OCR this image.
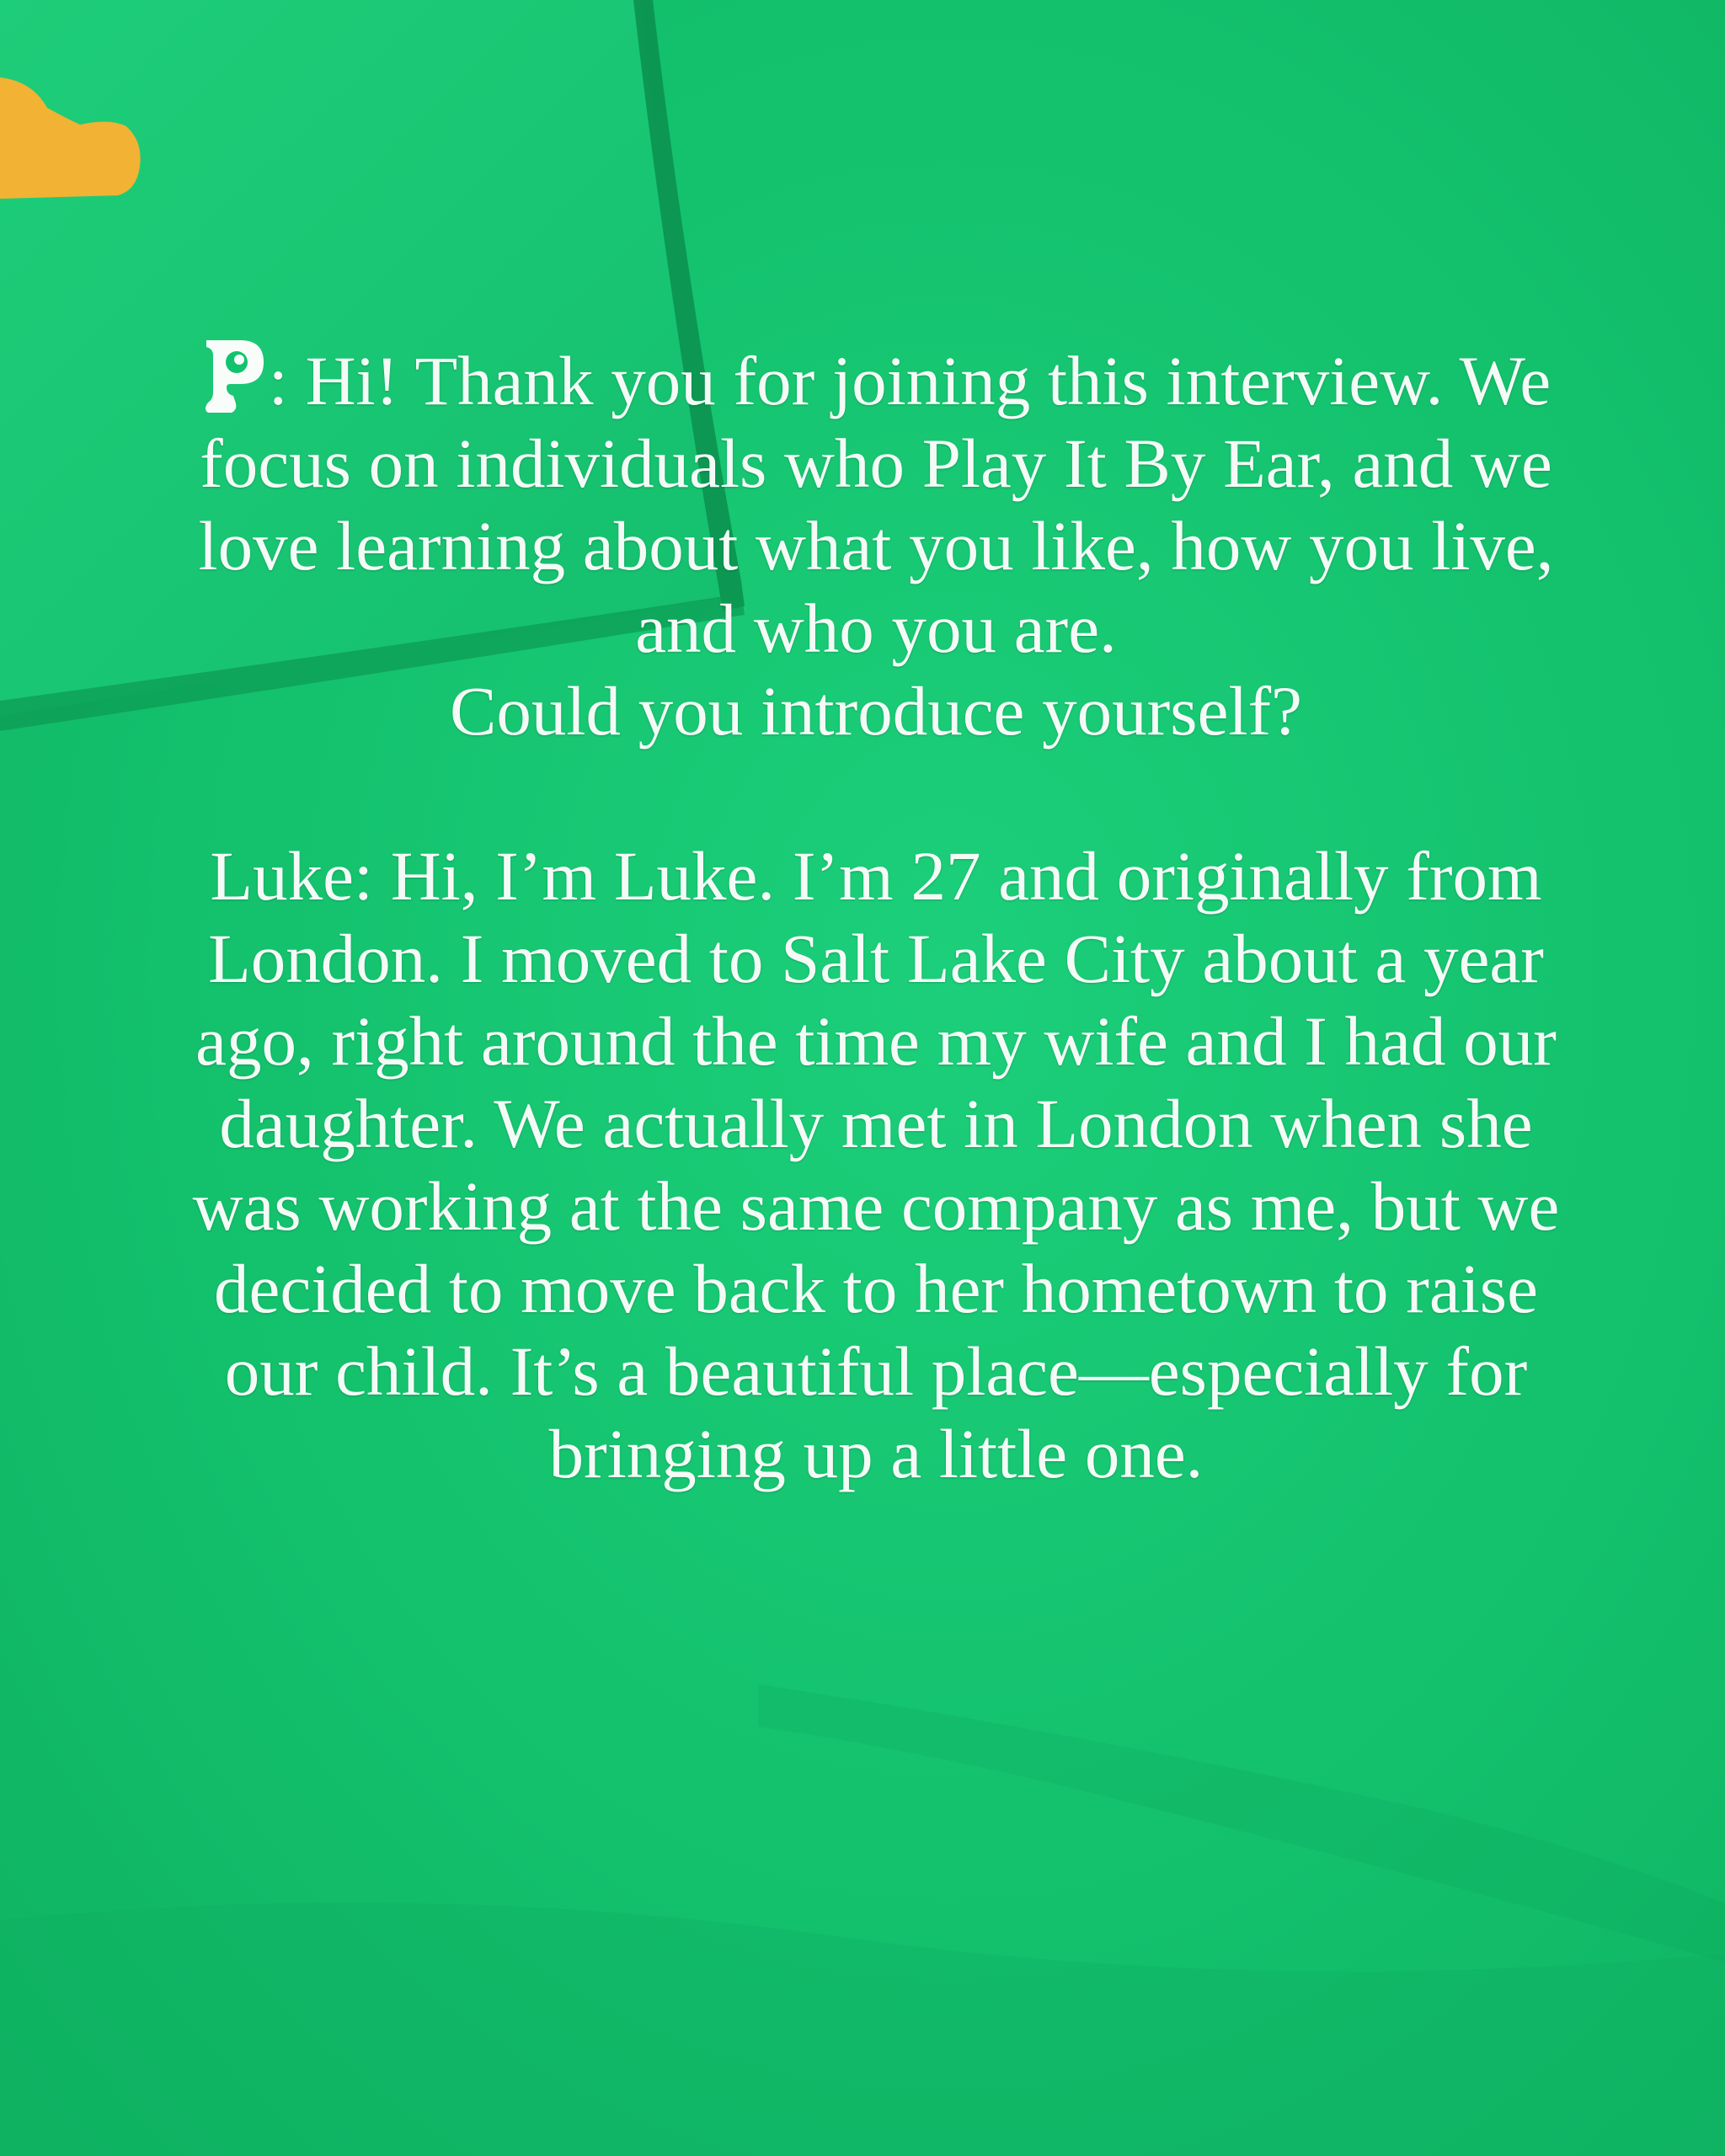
: Hi! Thank you for joining this interview. We
focus on individuals who Play It By Ear, and we
love learning about what you like, how you live,
and who you are.
Could you introduce yourself?

Luke: Hi, I’m Luke. I’m 27 and originally from
London. I moved to Salt Lake City about a year
ago, right around the time my wife and I had our
daughter. We actually met in London when she
was working at the same company as me, but we
decided to move back to her hometown to raise
our child. It’s a beautiful place—especially for
bringing up a little one.
